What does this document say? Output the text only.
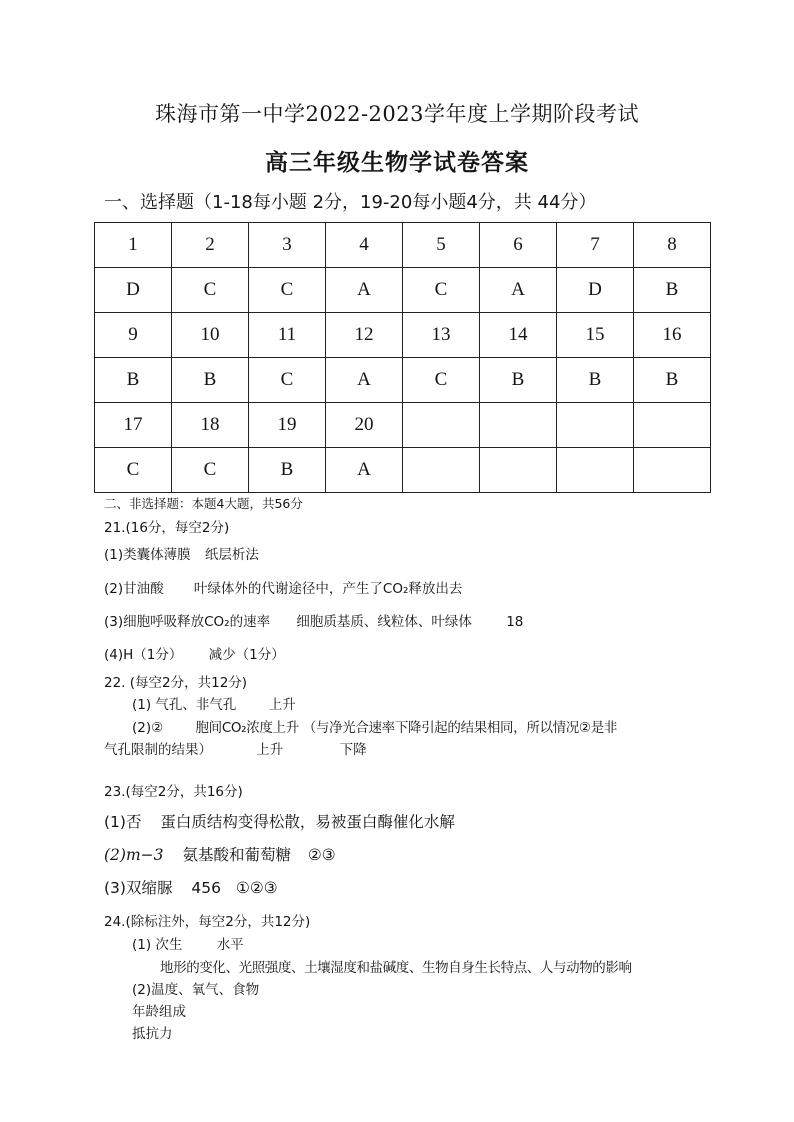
珠海市第一中学2022-2023学年度上学期阶段考试
高三年级生物学试卷答案
一、选择题（1-18每小题 2分，19-20每小题4分，共 44分）
1	2	3	4	5	6	7	8
D	C	C	A	C	A	D	B
9	10	11	12	13	14	15	16
B	B	C	A	C	B	B	B
17	18	19	20				
C	C	B	A				
二、非选择题：本题4大题，共56分
21.(16分，每空2分)
(1)类囊体薄膜 纸层析法
(2)甘油酸 叶绿体外的代谢途径中，产生了CO₂释放出去
(3)细胞呼吸释放CO₂的速率 细胞质基质、线粒体、叶绿体	18
(4)H（1分） 减少（1分）
22. (每空2分，共12分)
(1) 气孔、非气孔 上升
(2)② 胞间CO₂浓度上升 （与净光合速率下降引起的结果相同，所以情况②是非
气孔限制的结果）	上升	下降
23.(每空2分，共16分)
(1)否 蛋白质结构变得松散，易被蛋白酶催化水解
(2)m−3 氨基酸和葡萄糖 ②③
(3)双缩脲 456 ①②③
24.(除标注外，每空2分，共12分)
(1) 次生	水平
地形的变化、光照强度、土壤湿度和盐碱度、生物自身生长特点、人与动物的影响
(2)温度、氧气、食物
年龄组成
抵抗力
